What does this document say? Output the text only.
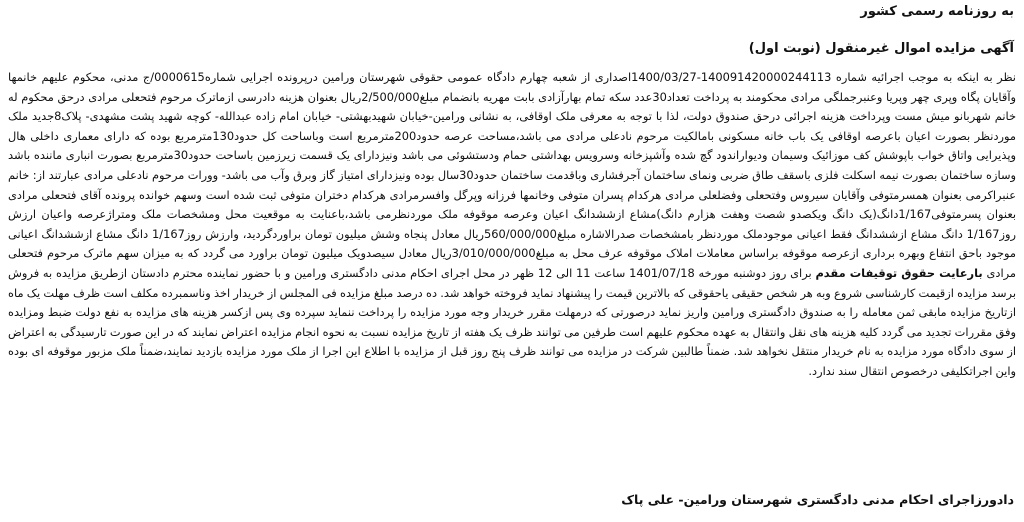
به روزنامه رسمی کشور
آگهی مزایده اموال غیرمنقول (نوبت اول)
نظر به اینکه به موجب اجرائیه شماره 140091420000244113-1400/03/27اصداری از شعبه چهارم دادگاه عمومی حقوقی شهرستان ورامین درپرونده اجرایی شماره0000615/ج مدنی، محکوم علیهم خانمها وآقایان پگاه وپری چهر وپریا وعنبرجملگی مرادی محکومند به پرداخت تعداد30عدد سکه تمام بهارآزادی بابت مهریه بانضمام مبلغ2/500/000ریال بعنوان هزینه دادرسی ازماترک مرحوم فتحعلی مرادی درحق محکوم له خانم شهربانو میش مست وپرداخت هزینه اجرائی درحق صندوق دولت، لذا با توجه به معرفی ملک اوقافی، به نشانی ورامین-خیابان شهیدبهشتی- خیابان امام زاده عبدالله- کوچه شهید پشت مشهدی- پلاک8جدید ملک موردنظر بصورت اعیان باعرصه اوقافی یک باب خانه مسکونی بامالکیت مرحوم نادعلی مرادی می باشد،مساحت عرصه حدود200مترمربع است وباساحت کل حدود130مترمربع بوده که دارای معماری داخلی هال وپذیرایی واتاق خواب باپوشش کف موزائیک وسیمان ودیواراندود گچ شده وآشپزخانه وسرویس بهداشتی حمام ودستشوئی می باشد ونیزدارای یک قسمت زیرزمین باساحت حدود30مترمربع بصورت انباری ماننده باشد وسازه ساختمان بصورت نیمه اسکلت فلزی باسقف طاق ضربی ونمای ساختمان آجرفشاری وباقدمت ساختمان حدود30سال بوده ونیزدارای امتیاز گاز وبرق وآب می باشد- وورات مرحوم نادعلی مرادی عبارتند از: خانم عنبراکرمی بعنوان همسرمتوفی وآقایان سیروس وفتحعلی وفضلعلی مرادی هرکدام پسران متوفی وخانمها فرزانه وپرگل وافسرمرادی هرکدام دختران متوفی ثبت شده است وسهم خوانده پرونده آقای فتحعلی مرادی بعنوان پسرمتوفی1/167دانگ(یک دانگ ویکصدو شصت وهفت هزارم دانگ)مشاع ازششدانگ اعیان وعرصه موقوفه ملک موردنظرمی باشد،باعنایت به موقعیت محل ومشخصات ملک ومتراژعرصه واعیان ارزش روز1/167 دانگ مشاع ازششدانگ فقط اعیانی موجودملک موردنظر بامشخصات صدرالاشاره مبلغ560/000/000ریال معادل پنجاه وشش میلیون تومان براوردگردید، وارزش روز1/167 دانگ مشاع ازششدانگ اعیانی موجود باحق انتفاع وبهره برداری ازعرصه موقوفه براساس معاملات املاک موقوفه عرف محل به مبلغ3/010/000/000ریال معادل سیصدویک میلیون تومان براورد می گردد که به میزان سهم ماترک مرحوم فتحعلی مرادی بارعایت حقوق توقیفات مقدم برای روز دوشنبه مورخه 1401/07/18 ساعت 11 الی 12 ظهر در محل اجرای احکام مدنی دادگستری ورامین و با حضور نماینده محترم دادستان ازطریق مزایده به فروش برسد مزایده ازقیمت کارشناسی شروع وبه هر شخص حقیقی یاحقوقی که بالاترین قیمت را پیشنهاد نماید فروخته خواهد شد. ده درصد مبلغ مزایده فی المجلس از خریدار اخذ وناسمبرده مکلف است ظرف مهلت یک ماه ازتاریخ مزایده مابقی ثمن معامله را به صندوق دادگستری ورامین واریز نماید درصورتی که درمهلت مقرر خریدار وجه مورد مزایده را پرداخت ننماید سپرده وی پس ازکسر هزینه های مزایده به نفع دولت ضبط ومزایده وفق مقررات تجدید می گردد کلیه هزینه های نقل وانتقال به عهده محکوم علیهم است طرفین می توانند ظرف یک هفته از تاریخ مزایده نسبت به نحوه انجام مزایده اعتراض نمایند که در این صورت تارسیدگی به اعتراض از سوی دادگاه مورد مزایده به نام خریدار منتقل نخواهد شد. ضمناً طالبین شرکت در مزایده می توانند ظرف پنج روز قبل از مزایده با اطلاع این اجرا از ملک مورد مزایده بازدید نمایند،ضمناً ملک مزبور موقوفه ای بوده واین اجراتکلیفی درخصوص انتقال سند ندارد.
دادورزاجرای احکام مدنی دادگستری شهرستان ورامین- علی پاک
